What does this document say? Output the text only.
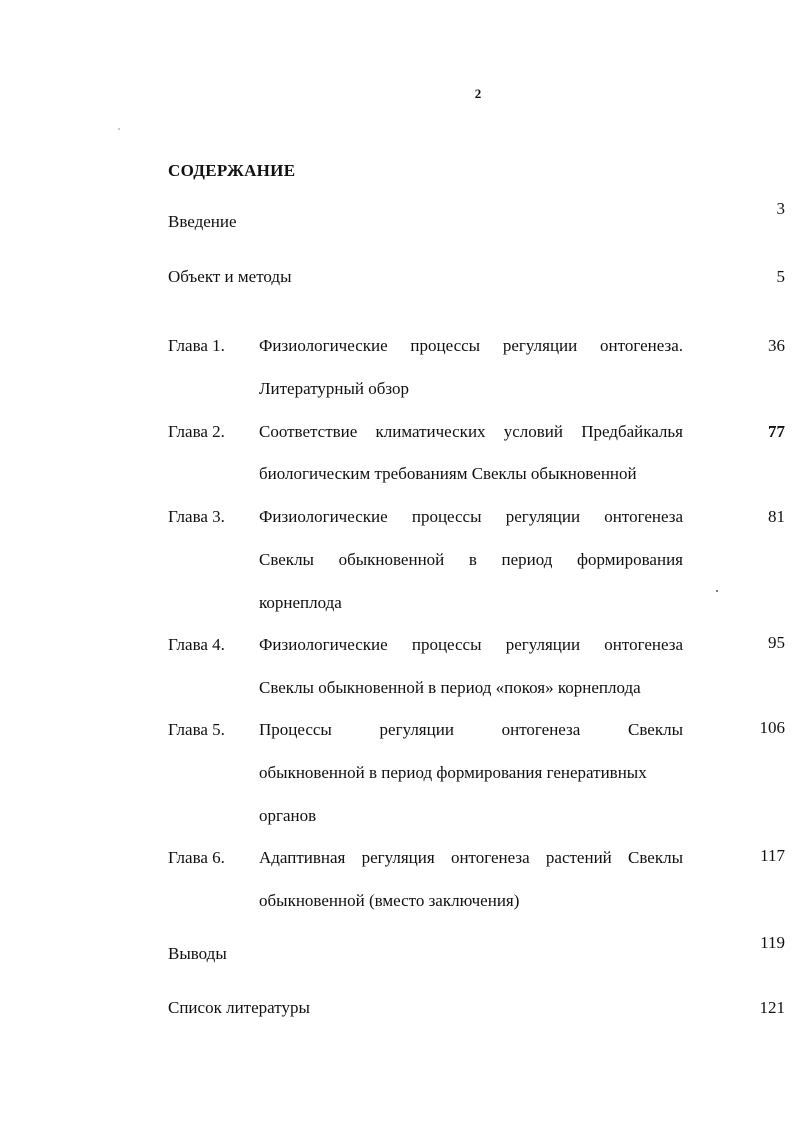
2
СОДЕРЖАНИЕ
Введение
3
Объект и методы	5
Глава 1. Физиологические процессы регуляции онтогенеза.
Литературный обзор
36
Глава 2. Соответствие климатических условий Предбайкалья
биологическим требованиям Свеклы обыкновенной
77
Глава 3. Физиологические процессы регуляции онтогенеза
Свеклы обыкновенной в период формирования
корнеплода
81
Глава 4. Физиологические процессы регуляции онтогенеза
Свеклы обыкновенной в период «покоя» корнеплода
95
Глава 5. Процессы регуляции онтогенеза Свеклы
обыкновенной в период формирования генеративных
органов
106
Глава 6. Адаптивная регуляция онтогенеза растений Свеклы
обыкновенной (вместо заключения)
117
Выводы
119
Список литературы	121
